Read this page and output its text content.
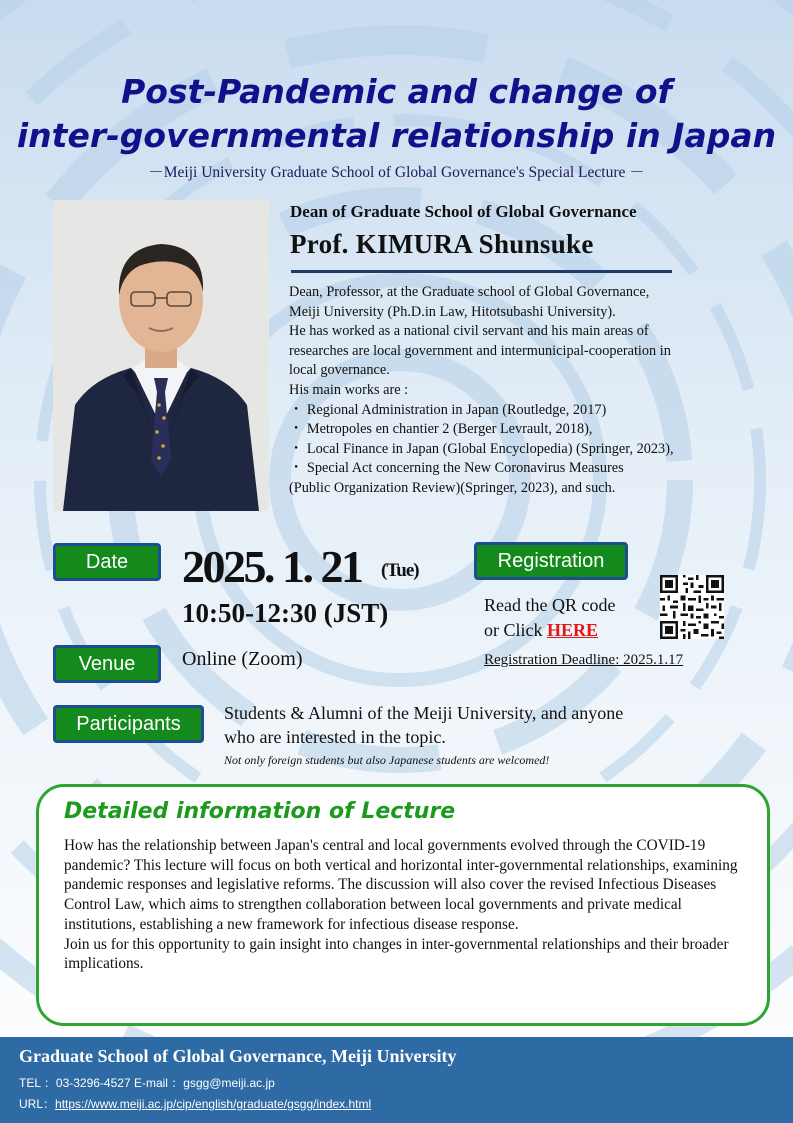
Post-Pandemic and change of
inter-governmental relationship in Japan
－Meiji University Graduate School of Global Governance's Special Lecture －
Dean of Graduate School of Global Governance
Prof. KIMURA Shunsuke

Dean, Professor, at the Graduate school of Global Governance,

Meiji University (Ph.D.in Law, Hitotsubashi University).

He has worked as a national civil servant and his main areas of

researches are local government and intermunicipal-cooperation in

local governance.

His main works are :

・ Regional Administration in Japan (Routledge, 2017)

・ Metropoles en chantier 2 (Berger Levrault, 2018),

・ Local Finance in Japan (Global Encyclopedia) (Springer, 2023),

・ Special Act concerning the New Coronavirus Measures

(Public Organization Review)(Springer, 2023), and such.

Date	2025. 1. 21 (Tue)
10:50-12:30 (JST)
Venue	Online (Zoom)
Registration
Read the QR code
or Click HERE
Registration Deadline: 2025.1.17
Participants	Students & Alumni of the Meiji University, and anyone
who are interested in the topic.
Not only foreign students but also Japanese students are welcomed!
Detailed information of Lecture

How has the relationship between Japan's central and local governments evolved through the COVID-19 pandemic? This lecture will focus on both vertical and horizontal inter-governmental relationships, examining pandemic responses and legislative reforms. The discussion will also cover the revised Infectious Diseases Control Law, which aims to strengthen collaboration between local governments and private medical institutions, establishing a new framework for infectious disease response.

Join us for this opportunity to gain insight into changes in inter-governmental relationships and their broader implications.

Graduate School of Global Governance, Meiji University
TEL ：03-3296-4527 E-mail ：gsgg@meiji.ac.jp
URL：https://www.meiji.ac.jp/cip/english/graduate/gsgg/index.html
